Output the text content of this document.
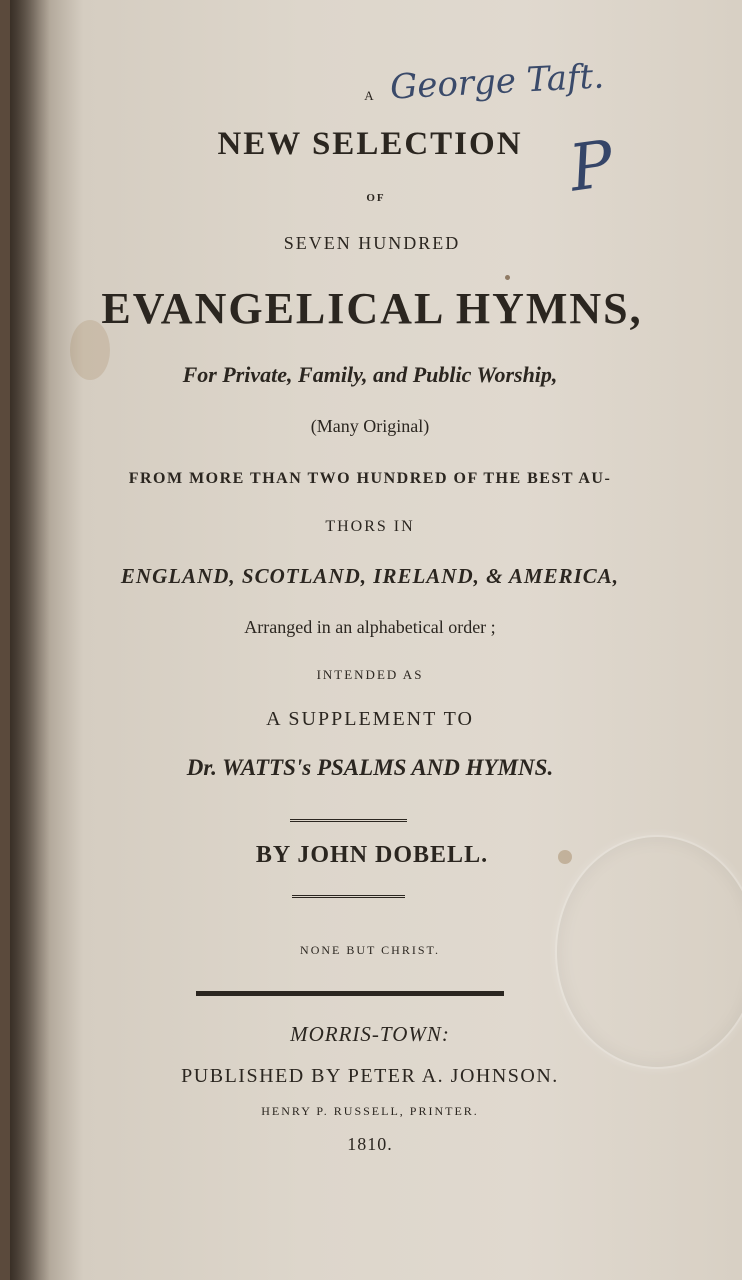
George Taft.
P
A
NEW SELECTION
OF
SEVEN HUNDRED
EVANGELICAL HYMNS,
For Private, Family, and Public Worship,
(Many Original)
FROM MORE THAN TWO HUNDRED OF THE BEST AU-
THORS IN
ENGLAND, SCOTLAND, IRELAND, & AMERICA,
Arranged in an alphabetical order ;
INTENDED AS
A SUPPLEMENT TO
Dr. WATTS's PSALMS AND HYMNS.
BY JOHN DOBELL.
NONE BUT CHRIST.
MORRIS-TOWN:
PUBLISHED BY PETER A. JOHNSON.
HENRY P. RUSSELL, PRINTER.
1810.
